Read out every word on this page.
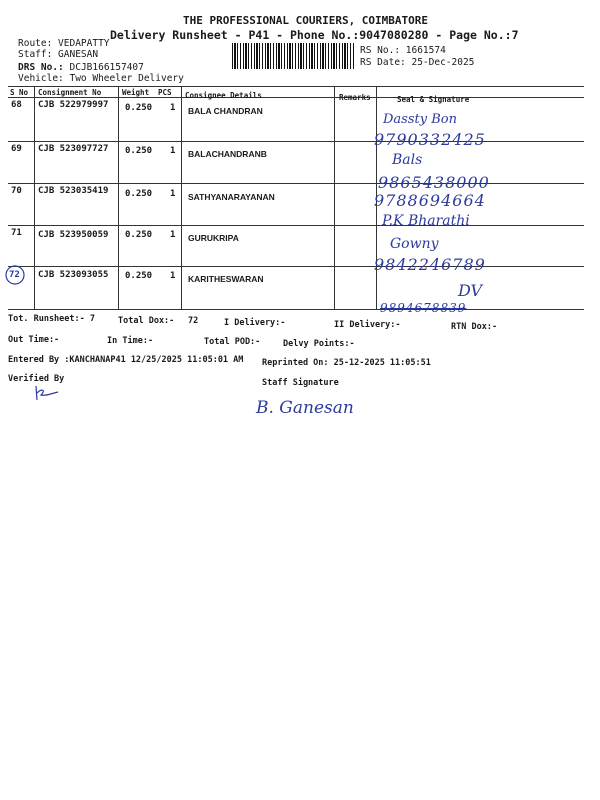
THE PROFESSIONAL COURIERS, COIMBATORE
Delivery Runsheet - P41 - Phone No.:9047080280 - Page No.:7
Route: VEDAPATTY
Staff: GANESAN
DRS No.: DCJB166157407
Vehicle: Two Wheeler Delivery
RS No.: 1661574
RS Date: 25-Dec-2025
S No Consignment No	Weight PCS Consignee Details	Remarks	Seal & Signature
68 CJB 522979997 0.250 1 BALA CHANDRAN
69 CJB 523097727 0.250 1 BALACHANDRANB
70 CJB 523035419 0.250 1 SATHYANARAYANAN
71 CJB 523950059 0.250 1 GURUKRIPA
72 CJB 523093055 0.250 1 KARITHESWARAN
Dassty Bon
9790332425
Bals
9865438000
9788694664
P.K Bharathi
Gowny
9842246789
DV
9894678839
Tot. Runsheet:- 7	Total Dox:- 72	I Delivery:-	II Delivery:-	RTN Dox:-
Out Time:-	In Time:-	Total POD:-	Delvy Points:-
Entered By :KANCHANAP41 12/25/2025 11:05:01 AM Reprinted On: 25-12-2025 11:05:51
Verified By	Staff Signature
B. Ganesan
